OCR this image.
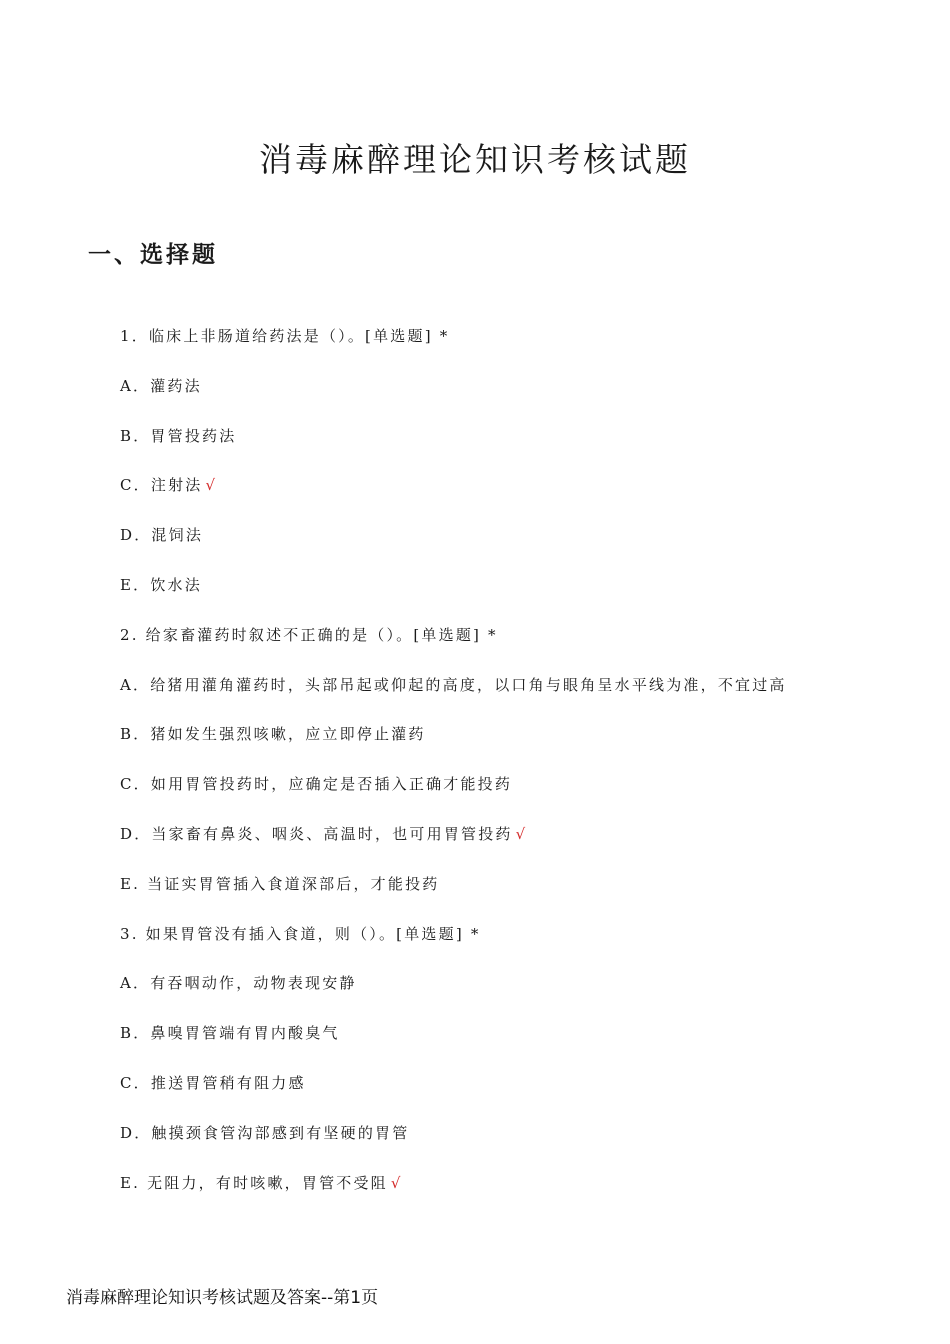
消毒麻醉理论知识考核试题
一、选择题
1．临床上非肠道给药法是（）。[单选题] *
A．灌药法
B．胃管投药法
C．注射法 √
D．混饲法
E．饮水法
2. 给家畜灌药时叙述不正确的是（）。[单选题] *
A．给猪用灌角灌药时，头部吊起或仰起的高度，以口角与眼角呈水平线为准，不宜过高
B．猪如发生强烈咳嗽，应立即停止灌药
C．如用胃管投药时，应确定是否插入正确才能投药
D．当家畜有鼻炎、咽炎、高温时，也可用胃管投药 √
E. 当证实胃管插入食道深部后，才能投药
3. 如果胃管没有插入食道，则（）。[单选题] *
A．有吞咽动作，动物表现安静
B．鼻嗅胃管端有胃内酸臭气
C．推送胃管稍有阻力感
D．触摸颈食管沟部感到有坚硬的胃管
E. 无阻力，有时咳嗽，胃管不受阻 √
消毒麻醉理论知识考核试题及答案--第1页
